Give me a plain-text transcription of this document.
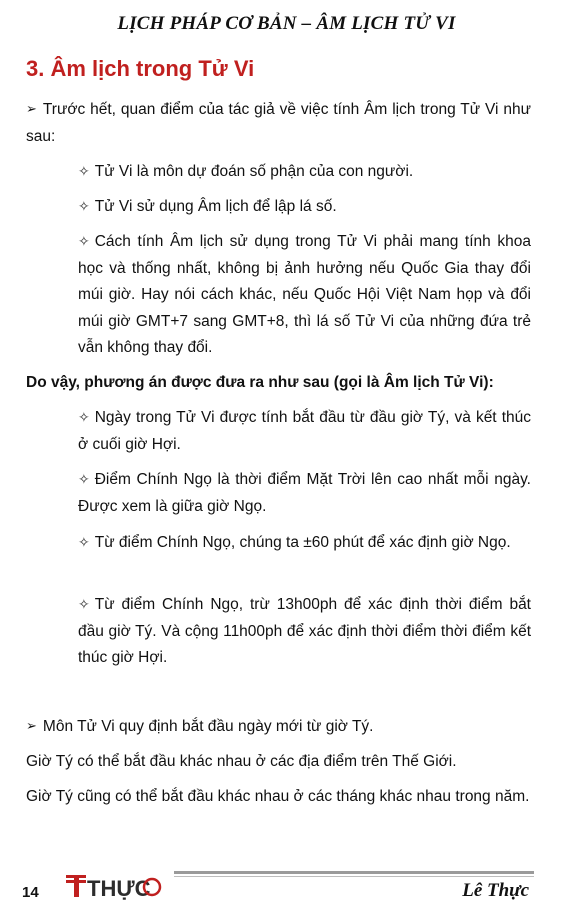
LỊCH PHÁP CƠ BẢN – ÂM LỊCH TỬ VI
3. Âm lịch trong Tử Vi
➢ Trước hết, quan điểm của tác giả về việc tính Âm lịch trong Tử Vi như sau:
✧ Tử Vi là môn dự đoán số phận của con người.
✧ Tử Vi sử dụng Âm lịch để lập lá số.
✧ Cách tính Âm lịch sử dụng trong Tử Vi phải mang tính khoa học và thống nhất, không bị ảnh hưởng nếu Quốc Gia thay đổi múi giờ. Hay nói cách khác, nếu Quốc Hội Việt Nam họp và đổi múi giờ GMT+7 sang GMT+8, thì lá số Tử Vi của những đứa trẻ vẫn không thay đổi.
Do vậy, phương án được đưa ra như sau (gọi là Âm lịch Tử Vi):
✧ Ngày trong Tử Vi được tính bắt đầu từ đầu giờ Tý, và kết thúc ở cuối giờ Hợi.
✧ Điểm Chính Ngọ là thời điểm Mặt Trời lên cao nhất mỗi ngày. Được xem là giữa giờ Ngọ.
✧ Từ điểm Chính Ngọ, chúng ta ±60 phút để xác định giờ Ngọ.
✧ Từ điểm Chính Ngọ, trừ 13h00ph để xác định thời điểm bắt đầu giờ Tý. Và cộng 11h00ph để xác định thời điểm thời điểm kết thúc giờ Hợi.
➢ Môn Tử Vi quy định bắt đầu ngày mới từ giờ Tý.
Giờ Tý có thể bắt đầu khác nhau ở các địa điểm trên Thế Giới.
Giờ Tý cũng có thể bắt đầu khác nhau ở các tháng khác nhau trong năm.
14 THỰC	Lê Thực
